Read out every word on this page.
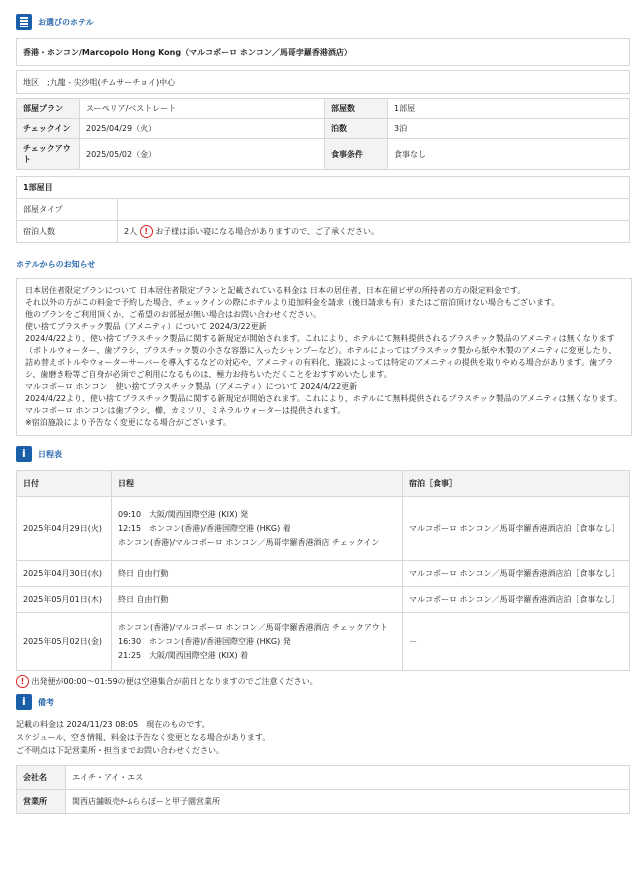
お選びのホテル
香港・ホンコン/Marcopolo Hong Kong（マルコポーロ ホンコン／馬哥孛羅香港酒店）
地区　 ;九龍 - 尖沙咀(チムサーチョイ)中心
部屋プラン	スーペリア/ベストレート	部屋数	1部屋
チェックイン	2025/04/29（火）	泊数	3泊
チェックアウト	2025/05/02（金）	食事条件	食事なし
1部屋目	
部屋タイプ	
宿泊人数	2人 ! お子様は添い寝になる場合がありますので、ご了承ください。
ホテルからのお知らせ
日本居住者限定プランについて 日本居住者限定プランと記載されている料金は 日本の居住者、日本在留ビザの所持者の方の限定料金です。
それ以外の方がこの料金で予約した場合、チェックインの際にホテルより追加料金を請求（後日請求も有）またはご宿泊頂けない場合もございます。
他のプランをご利用頂くか、ご希望のお部屋が無い場合はお問い合わせください。
使い捨てプラスチック製品（アメニティ）について 2024/3/22更新
2024/4/22より、使い捨てプラスチック製品に関する新規定が開始されます。これにより、ホテルにて無料提供されるプラスチック製品のアメニティは無くなります（ボトルウォーター、歯ブラシ、プラスチック製の小さな容器に入ったシャンプーなど）。ホテルによってはプラスチック製から紙や木製のアメニティに変更したり、詰め替えボトルやウォーターサーバーを導入するなどの対応や、アメニティの有料化、施設によっては特定のアメニティの提供を取りやめる場合があります。歯ブラシ、歯磨き粉等ご自身が必須でご利用になるものは、極力お持ちいただくことをおすすめいたします。
マルコポーロ ホンコン　使い捨てプラスチック製品（アメニティ）について 2024/4/22更新
2024/4/22より、使い捨てプラスチック製品に関する新規定が開始されます。これにより、ホテルにて無料提供されるプラスチック製品のアメニティは無くなります。
マルコポーロ ホンコンは歯ブラシ、櫛、カミソリ、ミネラルウォーターは提供されます。
※宿泊施設により予告なく変更になる場合がございます。
i
日程表
日付	日程	宿泊［食事］
2025年04月29日(火)	09:10　大阪/関西国際空港 (KIX) 発
12:15　ホンコン(香港)/香港国際空港 (HKG) 着
ホンコン(香港)/マルコポーロ ホンコン／馬哥孛羅香港酒店 チェックイン	マルコポーロ ホンコン／馬哥孛羅香港酒店泊［食事なし］
2025年04月30日(水)	終日 自由行動	マルコポーロ ホンコン／馬哥孛羅香港酒店泊［食事なし］
2025年05月01日(木)	終日 自由行動	マルコポーロ ホンコン／馬哥孛羅香港酒店泊［食事なし］
2025年05月02日(金)	ホンコン(香港)/マルコポーロ ホンコン／馬哥孛羅香港酒店 チェックアウト
16:30　ホンコン(香港)/香港国際空港 (HKG) 発
21:25　大阪/関西国際空港 (KIX) 着	－
! 出発便が00:00～01:59の便は空港集合が前日となりますのでご注意ください。
i
備考
記載の料金は 2024/11/23 08:05　現在のものです。
スケジュール、空き情報、料金は予告なく変更となる場合があります。
ご不明点は下記営業所・担当までお問い合わせください。
会社名	エイチ・アイ・エス
営業所	関西店舗販売ﾁｰﾑららぽーと甲子園営業所
